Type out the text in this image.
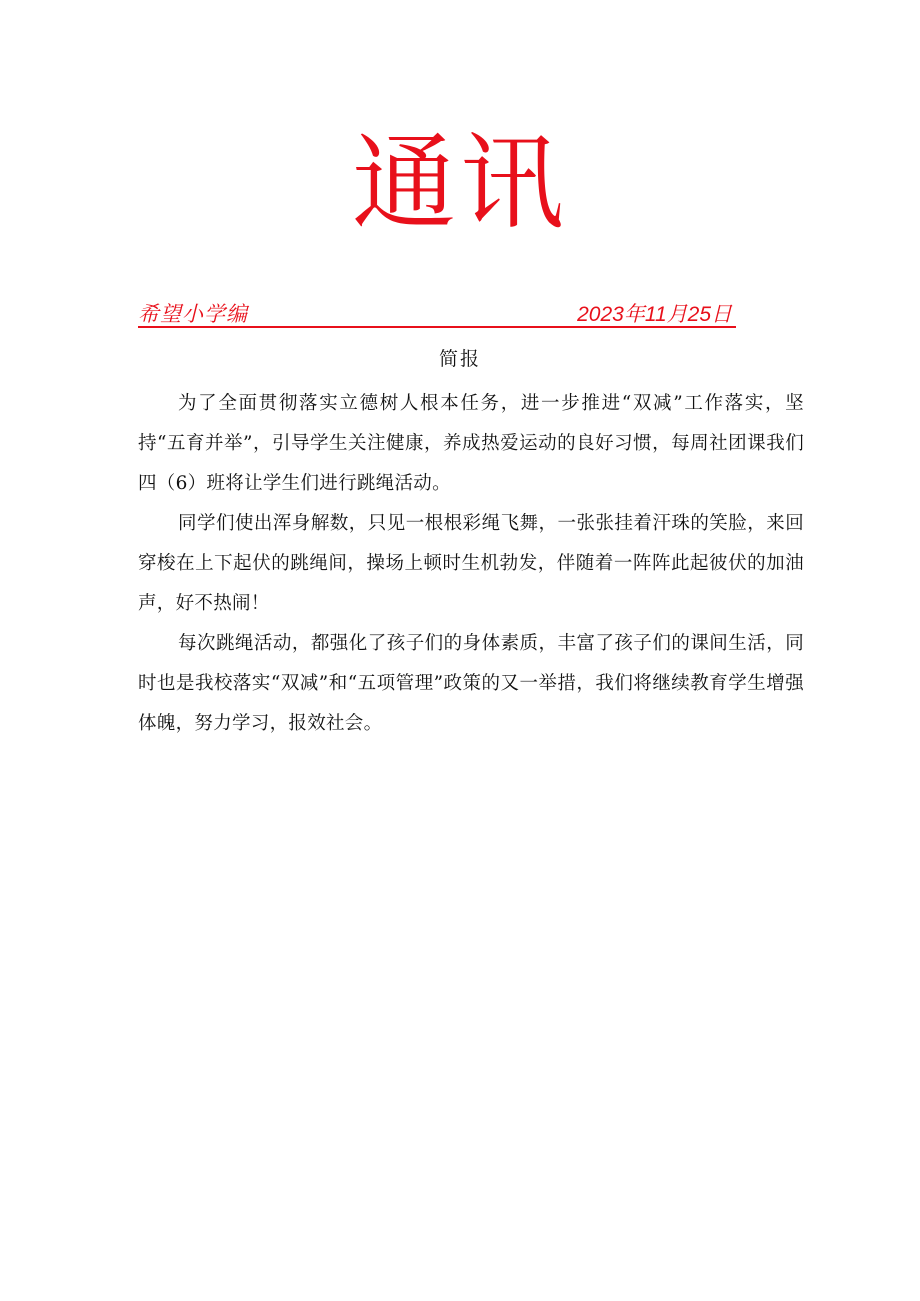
通讯
希望小学编	2023年11月25日
简报

为了全面贯彻落实立德树人根本任务，进一步推进“双减”工作落实，坚持“五育并举”，引导学生关注健康，养成热爱运动的良好习惯，每周社团课我们四（6）班将让学生们进行跳绳活动。

同学们使出浑身解数，只见一根根彩绳飞舞，一张张挂着汗珠的笑脸，来回穿梭在上下起伏的跳绳间，操场上顿时生机勃发，伴随着一阵阵此起彼伏的加油声，好不热闹！

每次跳绳活动，都强化了孩子们的身体素质，丰富了孩子们的课间生活，同时也是我校落实“双减”和“五项管理”政策的又一举措，我们将继续教育学生增强体魄，努力学习，报效社会。
